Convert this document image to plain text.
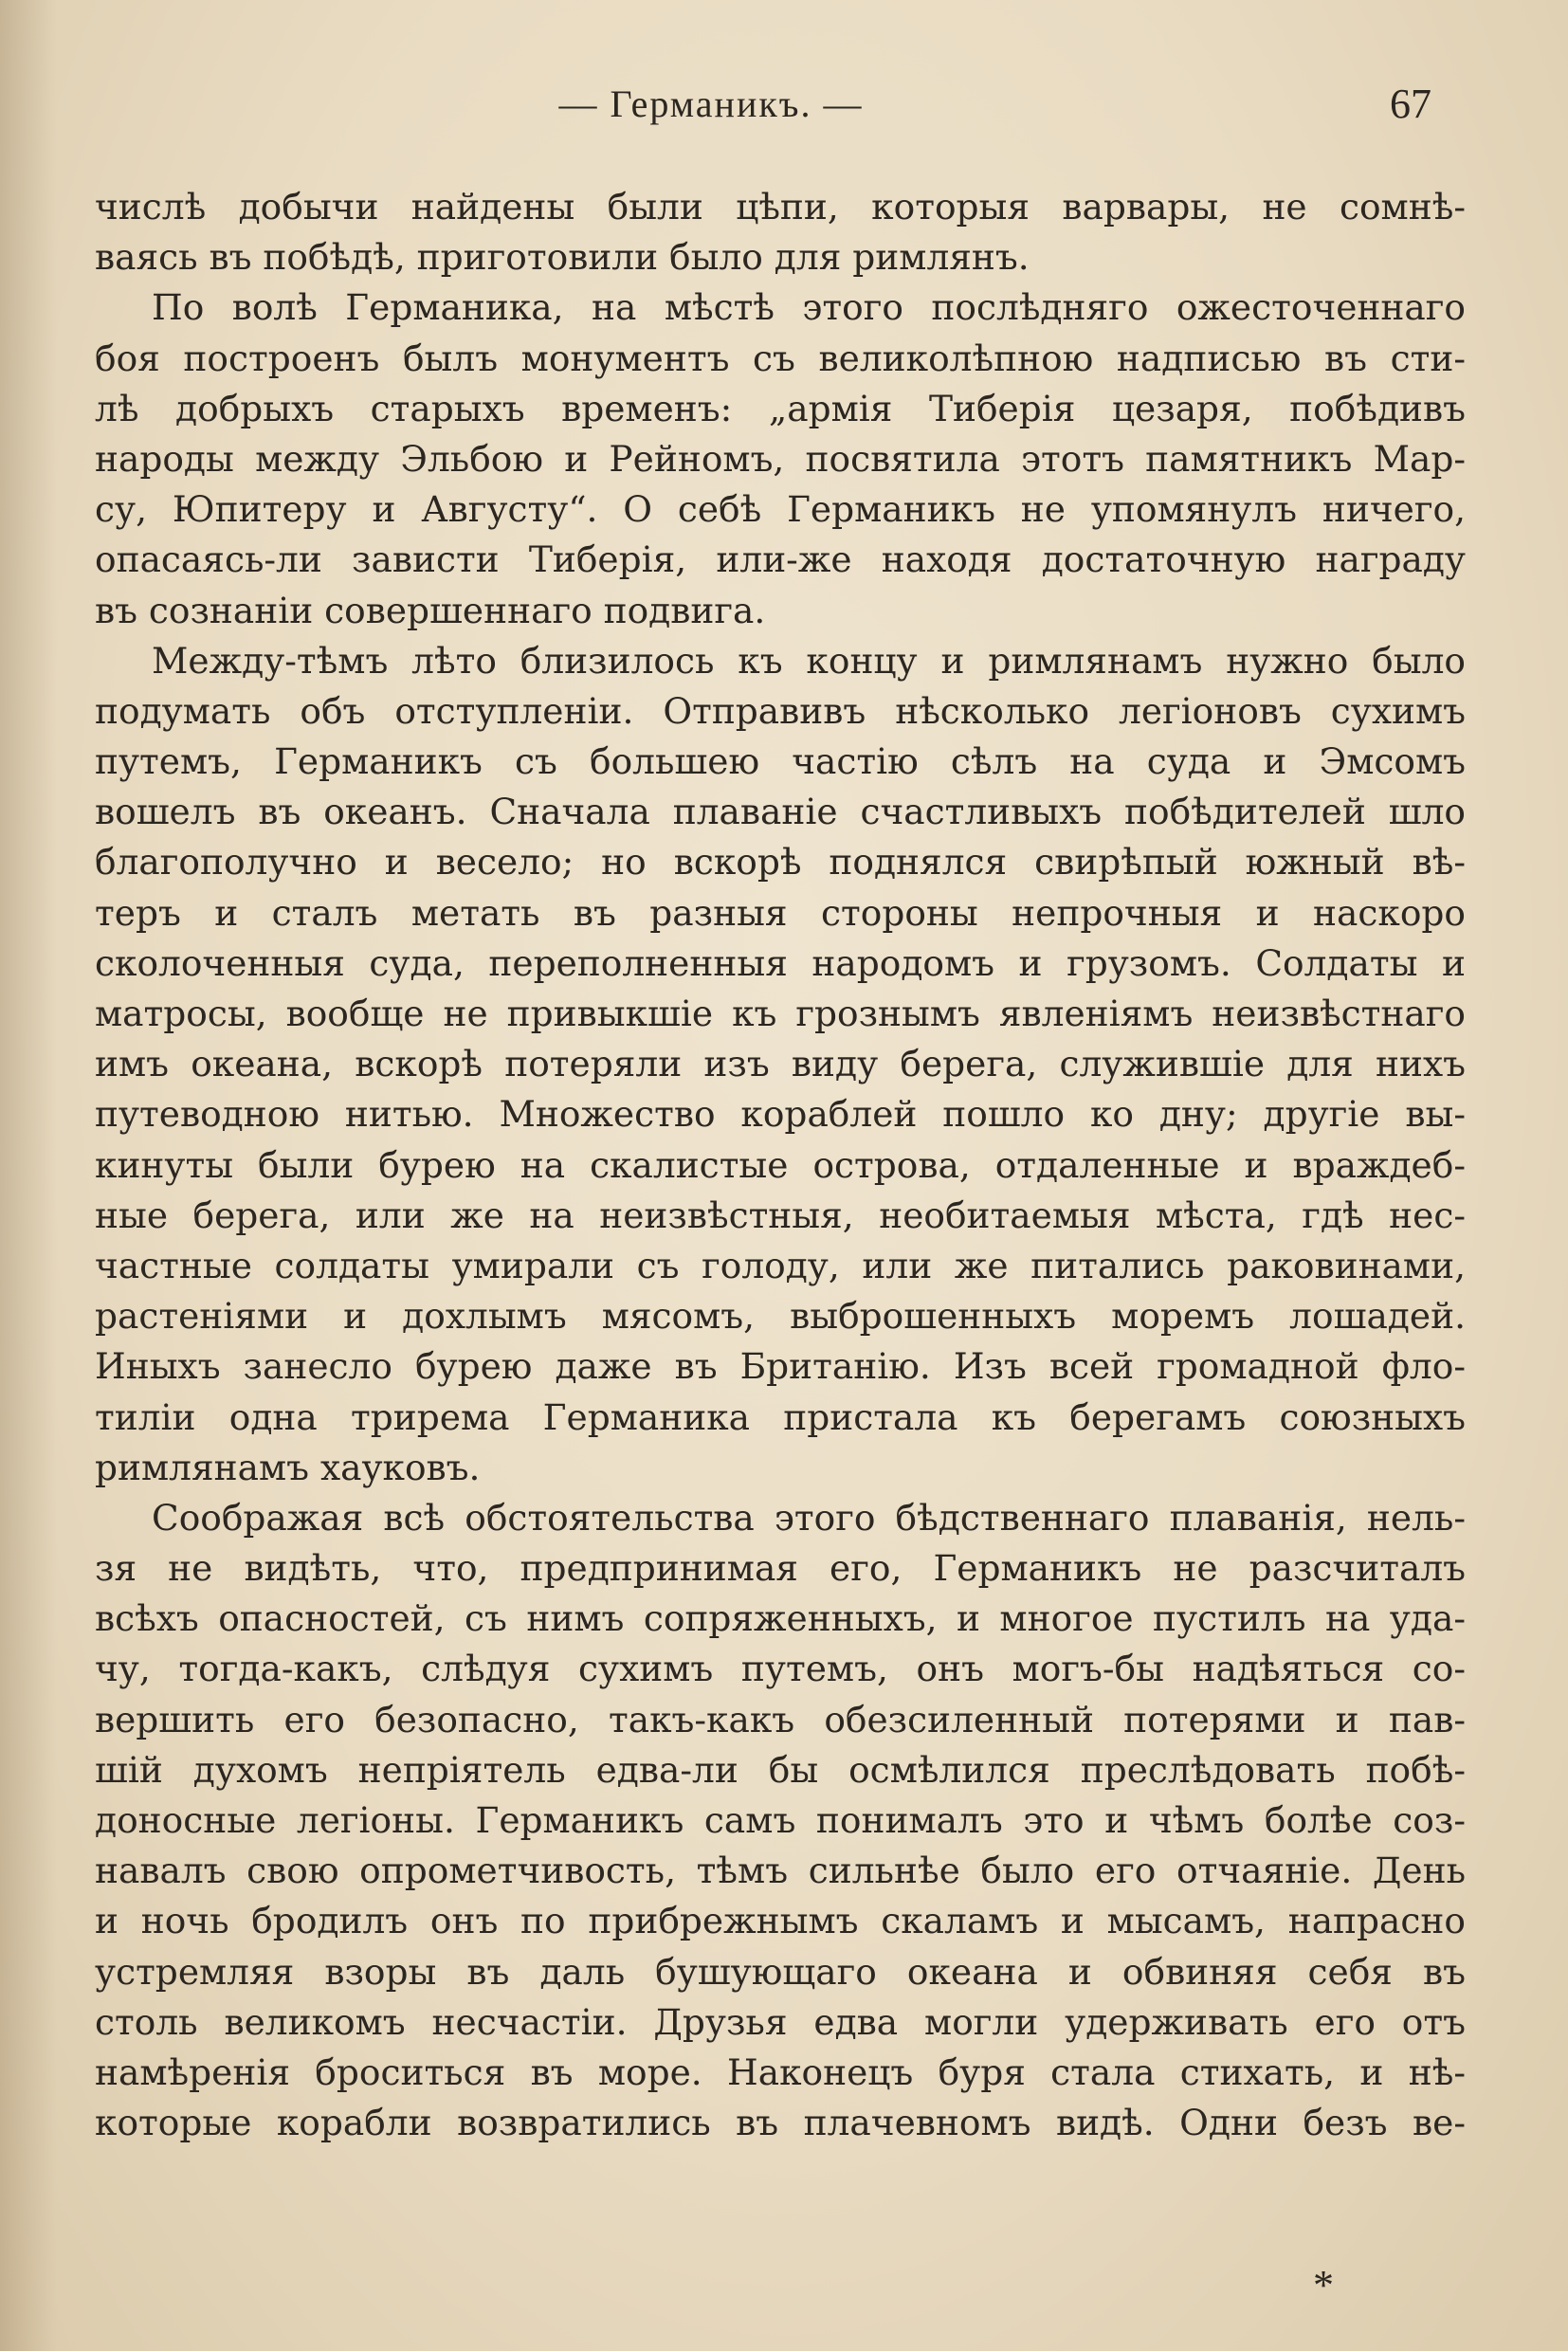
— Германикъ. —	67
числѣ добычи найдены были цѣпи, которыя варвары, не сомнѣ-
ваясь въ побѣдѣ, приготовили было для римлянъ.
По волѣ Германика, на мѣстѣ этого послѣдняго ожесточеннаго
боя построенъ былъ монументъ съ великолѣпною надписью въ сти-
лѣ добрыхъ старыхъ временъ: „армія Тиберія цезаря, побѣдивъ
народы между Эльбою и Рейномъ, посвятила этотъ памятникъ Мар-
су, Юпитеру и Августу“. О себѣ Германикъ не упомянулъ ничего,
опасаясь-ли зависти Тиберія, или-же находя достаточную награду
въ сознаніи совершеннаго подвига.
Между-тѣмъ лѣто близилось къ концу и римлянамъ нужно было
подумать объ отступленіи. Отправивъ нѣсколько легіоновъ сухимъ
путемъ, Германикъ съ большею частію сѣлъ на суда и Эмсомъ
вошелъ въ океанъ. Сначала плаваніе счастливыхъ побѣдителей шло
благополучно и весело; но вскорѣ поднялся свирѣпый южный вѣ-
теръ и сталъ метать въ разныя стороны непрочныя и наскоро
сколоченныя суда, переполненныя народомъ и грузомъ. Солдаты и
матросы, вообще не привыкшіе къ грознымъ явленіямъ неизвѣстнаго
имъ океана, вскорѣ потеряли изъ виду берега, служившіе для нихъ
путеводною нитью. Множество кораблей пошло ко дну; другіе вы-
кинуты были бурею на скалистые острова, отдаленные и враждеб-
ные берега, или же на неизвѣстныя, необитаемыя мѣста, гдѣ нес-
частные солдаты умирали съ голоду, или же питались раковинами,
растеніями и дохлымъ мясомъ, выброшенныхъ моремъ лошадей.
Иныхъ занесло бурею даже въ Британію. Изъ всей громадной фло-
тиліи одна трирема Германика пристала къ берегамъ союзныхъ
римлянамъ хауковъ.
Соображая всѣ обстоятельства этого бѣдственнаго плаванія, нель-
зя не видѣть, что, предпринимая его, Германикъ не разсчиталъ
всѣхъ опасностей, съ нимъ сопряженныхъ, и многое пустилъ на уда-
чу, тогда-какъ, слѣдуя сухимъ путемъ, онъ могъ-бы надѣяться со-
вершить его безопасно, такъ-какъ обезсиленный потерями и пав-
шій духомъ непріятель едва-ли бы осмѣлился преслѣдовать побѣ-
доносные легіоны. Германикъ самъ понималъ это и чѣмъ болѣе соз-
навалъ свою опрометчивость, тѣмъ сильнѣе было его отчаяніе. День
и ночь бродилъ онъ по прибрежнымъ скаламъ и мысамъ, напрасно
устремляя взоры въ даль бушующаго океана и обвиняя себя въ
столь великомъ несчастіи. Друзья едва могли удерживать его отъ
намѣренія броситься въ море. Наконецъ буря стала стихать, и нѣ-
которые корабли возвратились въ плачевномъ видѣ. Одни безъ ве-
*
